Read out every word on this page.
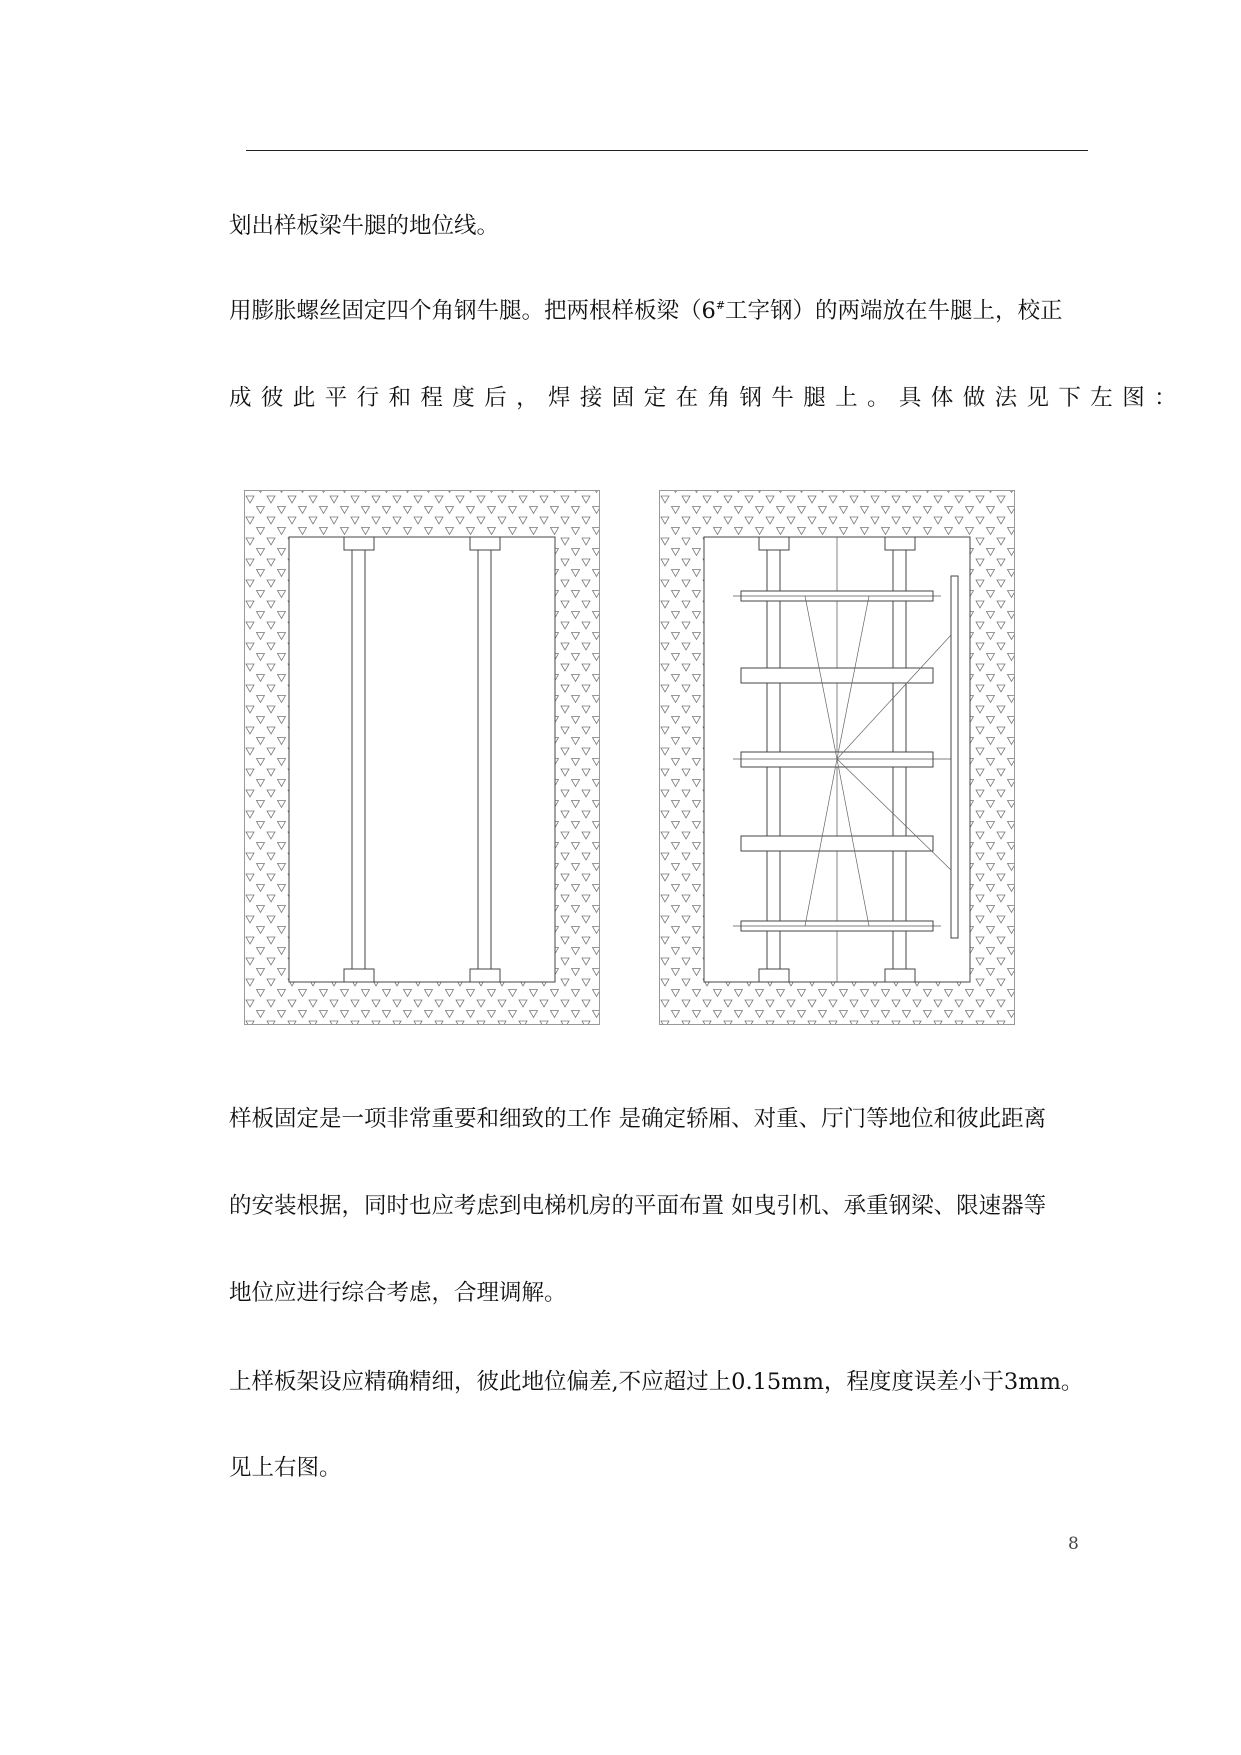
划出样板梁牛腿的地位线。

用膨胀螺丝固定四个角钢牛腿。把两根样板梁（6#工字钢）的两端放在牛腿上，校正

成彼此平行和程度后，焊接固定在角钢牛腿上。具体做法见下左图：

样板固定是一项非常重要和细致的工作 是确定轿厢、对重、厅门等地位和彼此距离

的安装根据，同时也应考虑到电梯机房的平面布置 如曳引机、承重钢梁、限速器等

地位应进行综合考虑，合理调解。

上样板架设应精确精细，彼此地位偏差,不应超过上0.15mm，程度度误差小于3mm。

见上右图。

8
